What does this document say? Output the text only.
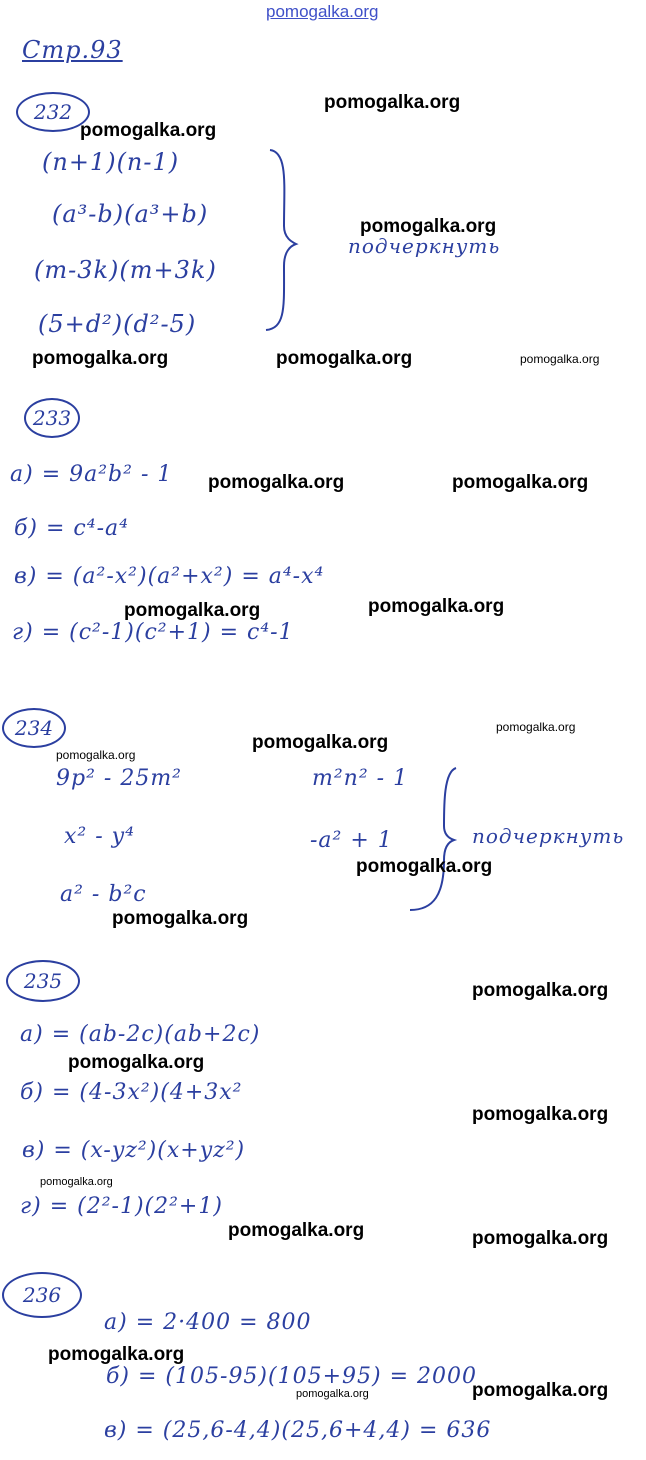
pomogalka.org
Стр.93
232
(n+1)(n-1)
(a³-b)(a³+b)
(m-3k)(m+3k)
(5+d²)(d²-5)
подчеркнуть
233
а) = 9a²b² - 1
б) = c⁴-a⁴
в) = (a²-x²)(a²+x²) = a⁴-x⁴
г) = (c²-1)(c²+1) = c⁴-1
234
9p² - 25m²
x² - y⁴
a² - b²c
m²n² - 1
-a² + 1	подчеркнуть
235
а) = (ab-2c)(ab+2c)
б) = (4-3x²)(4+3x²
в) = (x-yz²)(x+yz²)
г) = (2²-1)(2²+1)
236
а) = 2·400 = 800
б) = (105-95)(105+95) = 2000
в) = (25,6-4,4)(25,6+4,4) = 636
pomogalka.org
pomogalka.org
pomogalka.org
pomogalka.org	pomogalka.org	pomogalka.org
pomogalka.org	pomogalka.org
pomogalka.org	pomogalka.org
pomogalka.org
pomogalka.org
pomogalka.org
pomogalka.org
pomogalka.org
pomogalka.org
pomogalka.org
pomogalka.org
pomogalka.org
pomogalka.org	pomogalka.org
pomogalka.org
pomogalka.org	pomogalka.org
